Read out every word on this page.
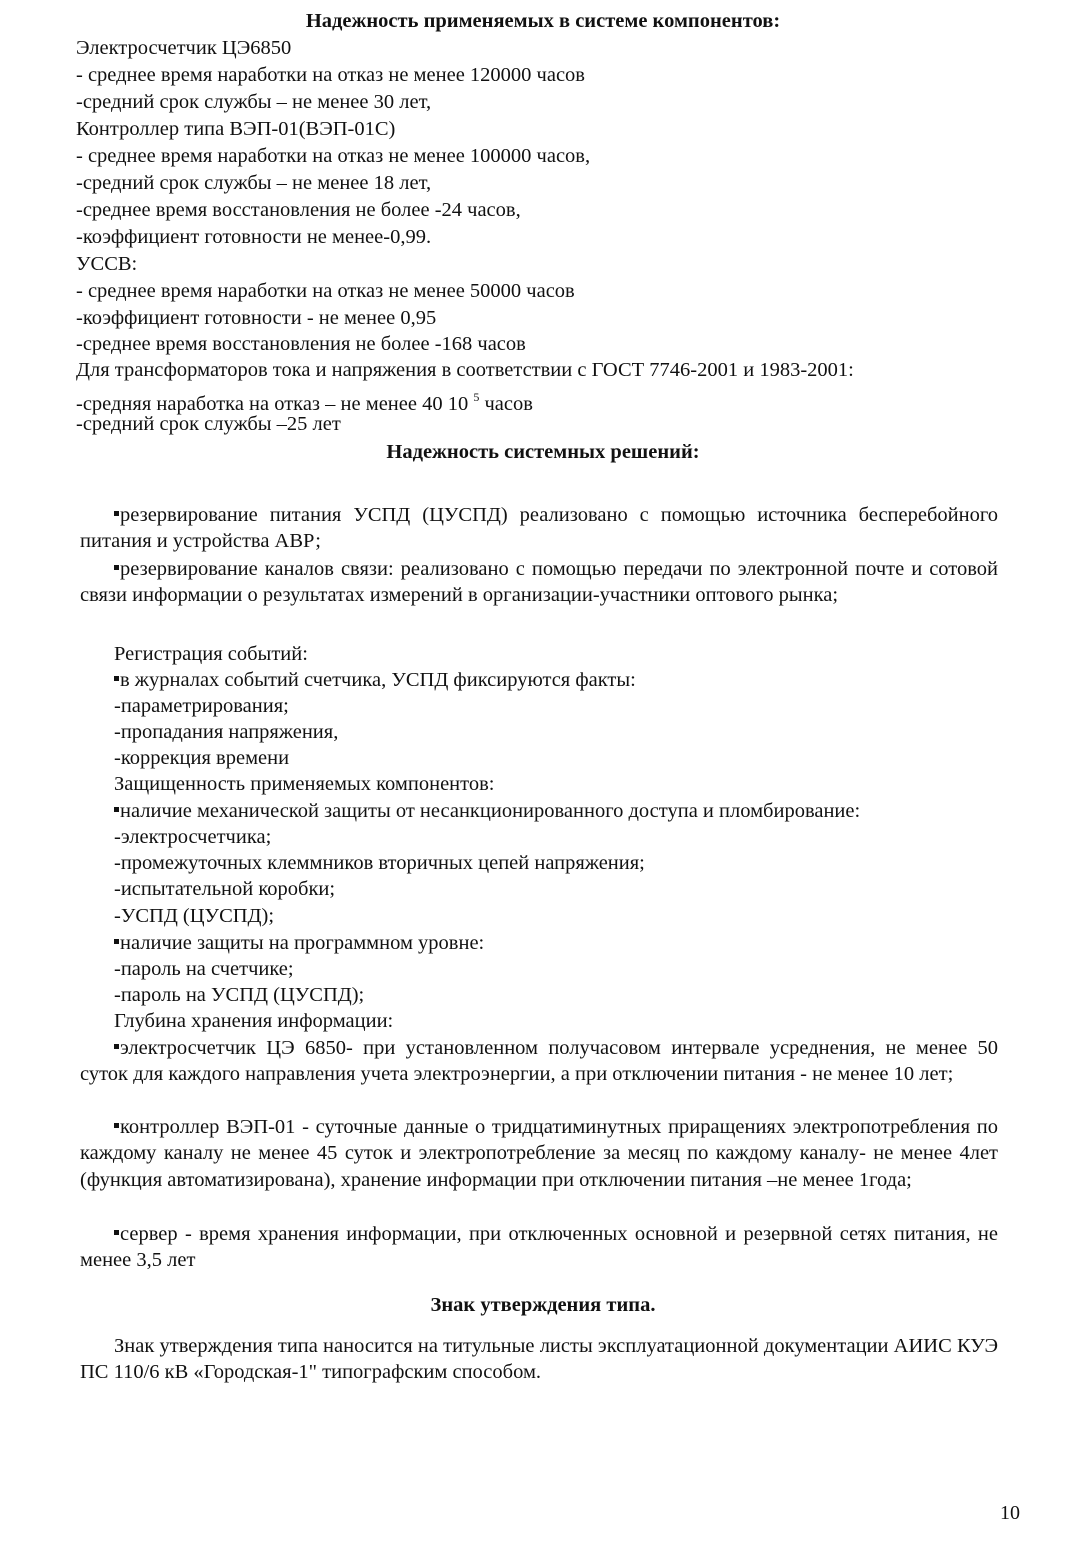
Надежность применяемых в системе компонентов:
Электросчетчик ЦЭ6850
- среднее время наработки на отказ не менее 120000 часов
-средний срок службы – не менее 30 лет,
Контроллер типа ВЭП-01(ВЭП-01С)
- среднее время наработки на отказ не менее 100000 часов,
-средний срок службы – не менее 18 лет,
-среднее время восстановления не более -24 часов,
-коэффициент готовности не менее-0,99.
УССВ:
- среднее время наработки на отказ не менее 50000 часов
-коэффициент готовности - не менее 0,95
-среднее время восстановления не более -168 часов
Для трансформаторов тока и напряжения в соответствии с ГОСТ 7746-2001 и 1983-2001:
-средняя наработка на отказ – не менее 40 10 $^5$ часов
-средний срок службы –25 лет
Надежность системных решений:
резервирование питания УСПД (ЦУСПД) реализовано с помощью источника бесперебойного питания и устройства АВР;
резервирование каналов связи: реализовано с помощью передачи по электронной почте и сотовой связи информации о результатах измерений в организации-участники оптового рынка;
Регистрация событий:
в журналах событий счетчика, УСПД фиксируются факты:
-параметрирования;
-пропадания напряжения,
-коррекция времени
Защищенность применяемых компонентов:
наличие механической защиты от несанкционированного доступа и пломбирование:
-электросчетчика;
-промежуточных клеммников вторичных цепей напряжения;
-испытательной коробки;
-УСПД (ЦУСПД);
наличие защиты на программном уровне:
-пароль на счетчике;
-пароль на УСПД (ЦУСПД);
Глубина хранения информации:
электросчетчик ЦЭ 6850- при установленном получасовом интервале усреднения, не менее 50 суток для каждого направления учета электроэнергии, а при отключении питания - не менее 10 лет;
контроллер ВЭП-01 - суточные данные о тридцатиминутных приращениях электропотребления по каждому каналу не менее 45 суток и электропотребление за месяц по каждому каналу- не менее 4лет (функция автоматизирована), хранение информации при отключении питания –не менее 1года;
сервер - время хранения информации, при отключенных основной и резервной сетях питания, не менее 3,5 лет
Знак утверждения типа.
Знак утверждения типа наносится на титульные листы эксплуатационной документации АИИС КУЭ ПС 110/6 кВ «Городская-1" типографским способом.
10
